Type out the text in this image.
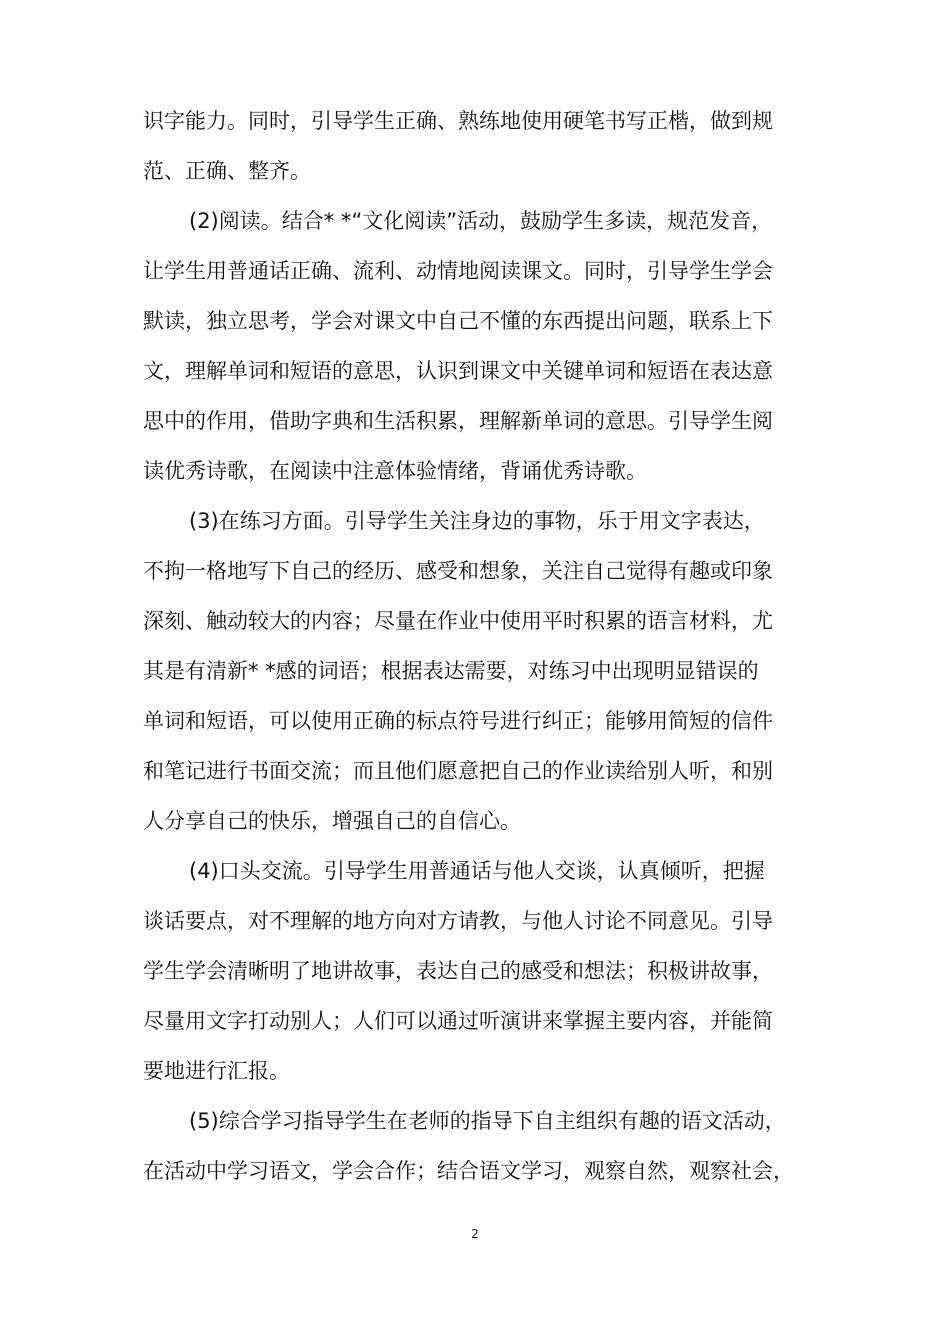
识字能力。同时，引导学生正确、熟练地使用硬笔书写正楷，做到规
范、正确、整齐。
(2)阅读。结合* *“文化阅读”活动，鼓励学生多读，规范发音，
让学生用普通话正确、流利、动情地阅读课文。同时，引导学生学会
默读，独立思考，学会对课文中自己不懂的东西提出问题，联系上下
文，理解单词和短语的意思，认识到课文中关键单词和短语在表达意
思中的作用，借助字典和生活积累，理解新单词的意思。引导学生阅
读优秀诗歌，在阅读中注意体验情绪，背诵优秀诗歌。
(3)在练习方面。引导学生关注身边的事物，乐于用文字表达，
不拘一格地写下自己的经历、感受和想象，关注自己觉得有趣或印象
深刻、触动较大的内容；尽量在作业中使用平时积累的语言材料，尤
其是有清新* *感的词语；根据表达需要，对练习中出现明显错误的
单词和短语，可以使用正确的标点符号进行纠正；能够用简短的信件
和笔记进行书面交流；而且他们愿意把自己的作业读给别人听，和别
人分享自己的快乐，增强自己的自信心。
(4)口头交流。引导学生用普通话与他人交谈，认真倾听，把握
谈话要点，对不理解的地方向对方请教，与他人讨论不同意见。引导
学生学会清晰明了地讲故事，表达自己的感受和想法；积极讲故事，
尽量用文字打动别人；人们可以通过听演讲来掌握主要内容，并能简
要地进行汇报。
(5)综合学习指导学生在老师的指导下自主组织有趣的语文活动，
在活动中学习语文，学会合作；结合语文学习，观察自然，观察社会，
2
